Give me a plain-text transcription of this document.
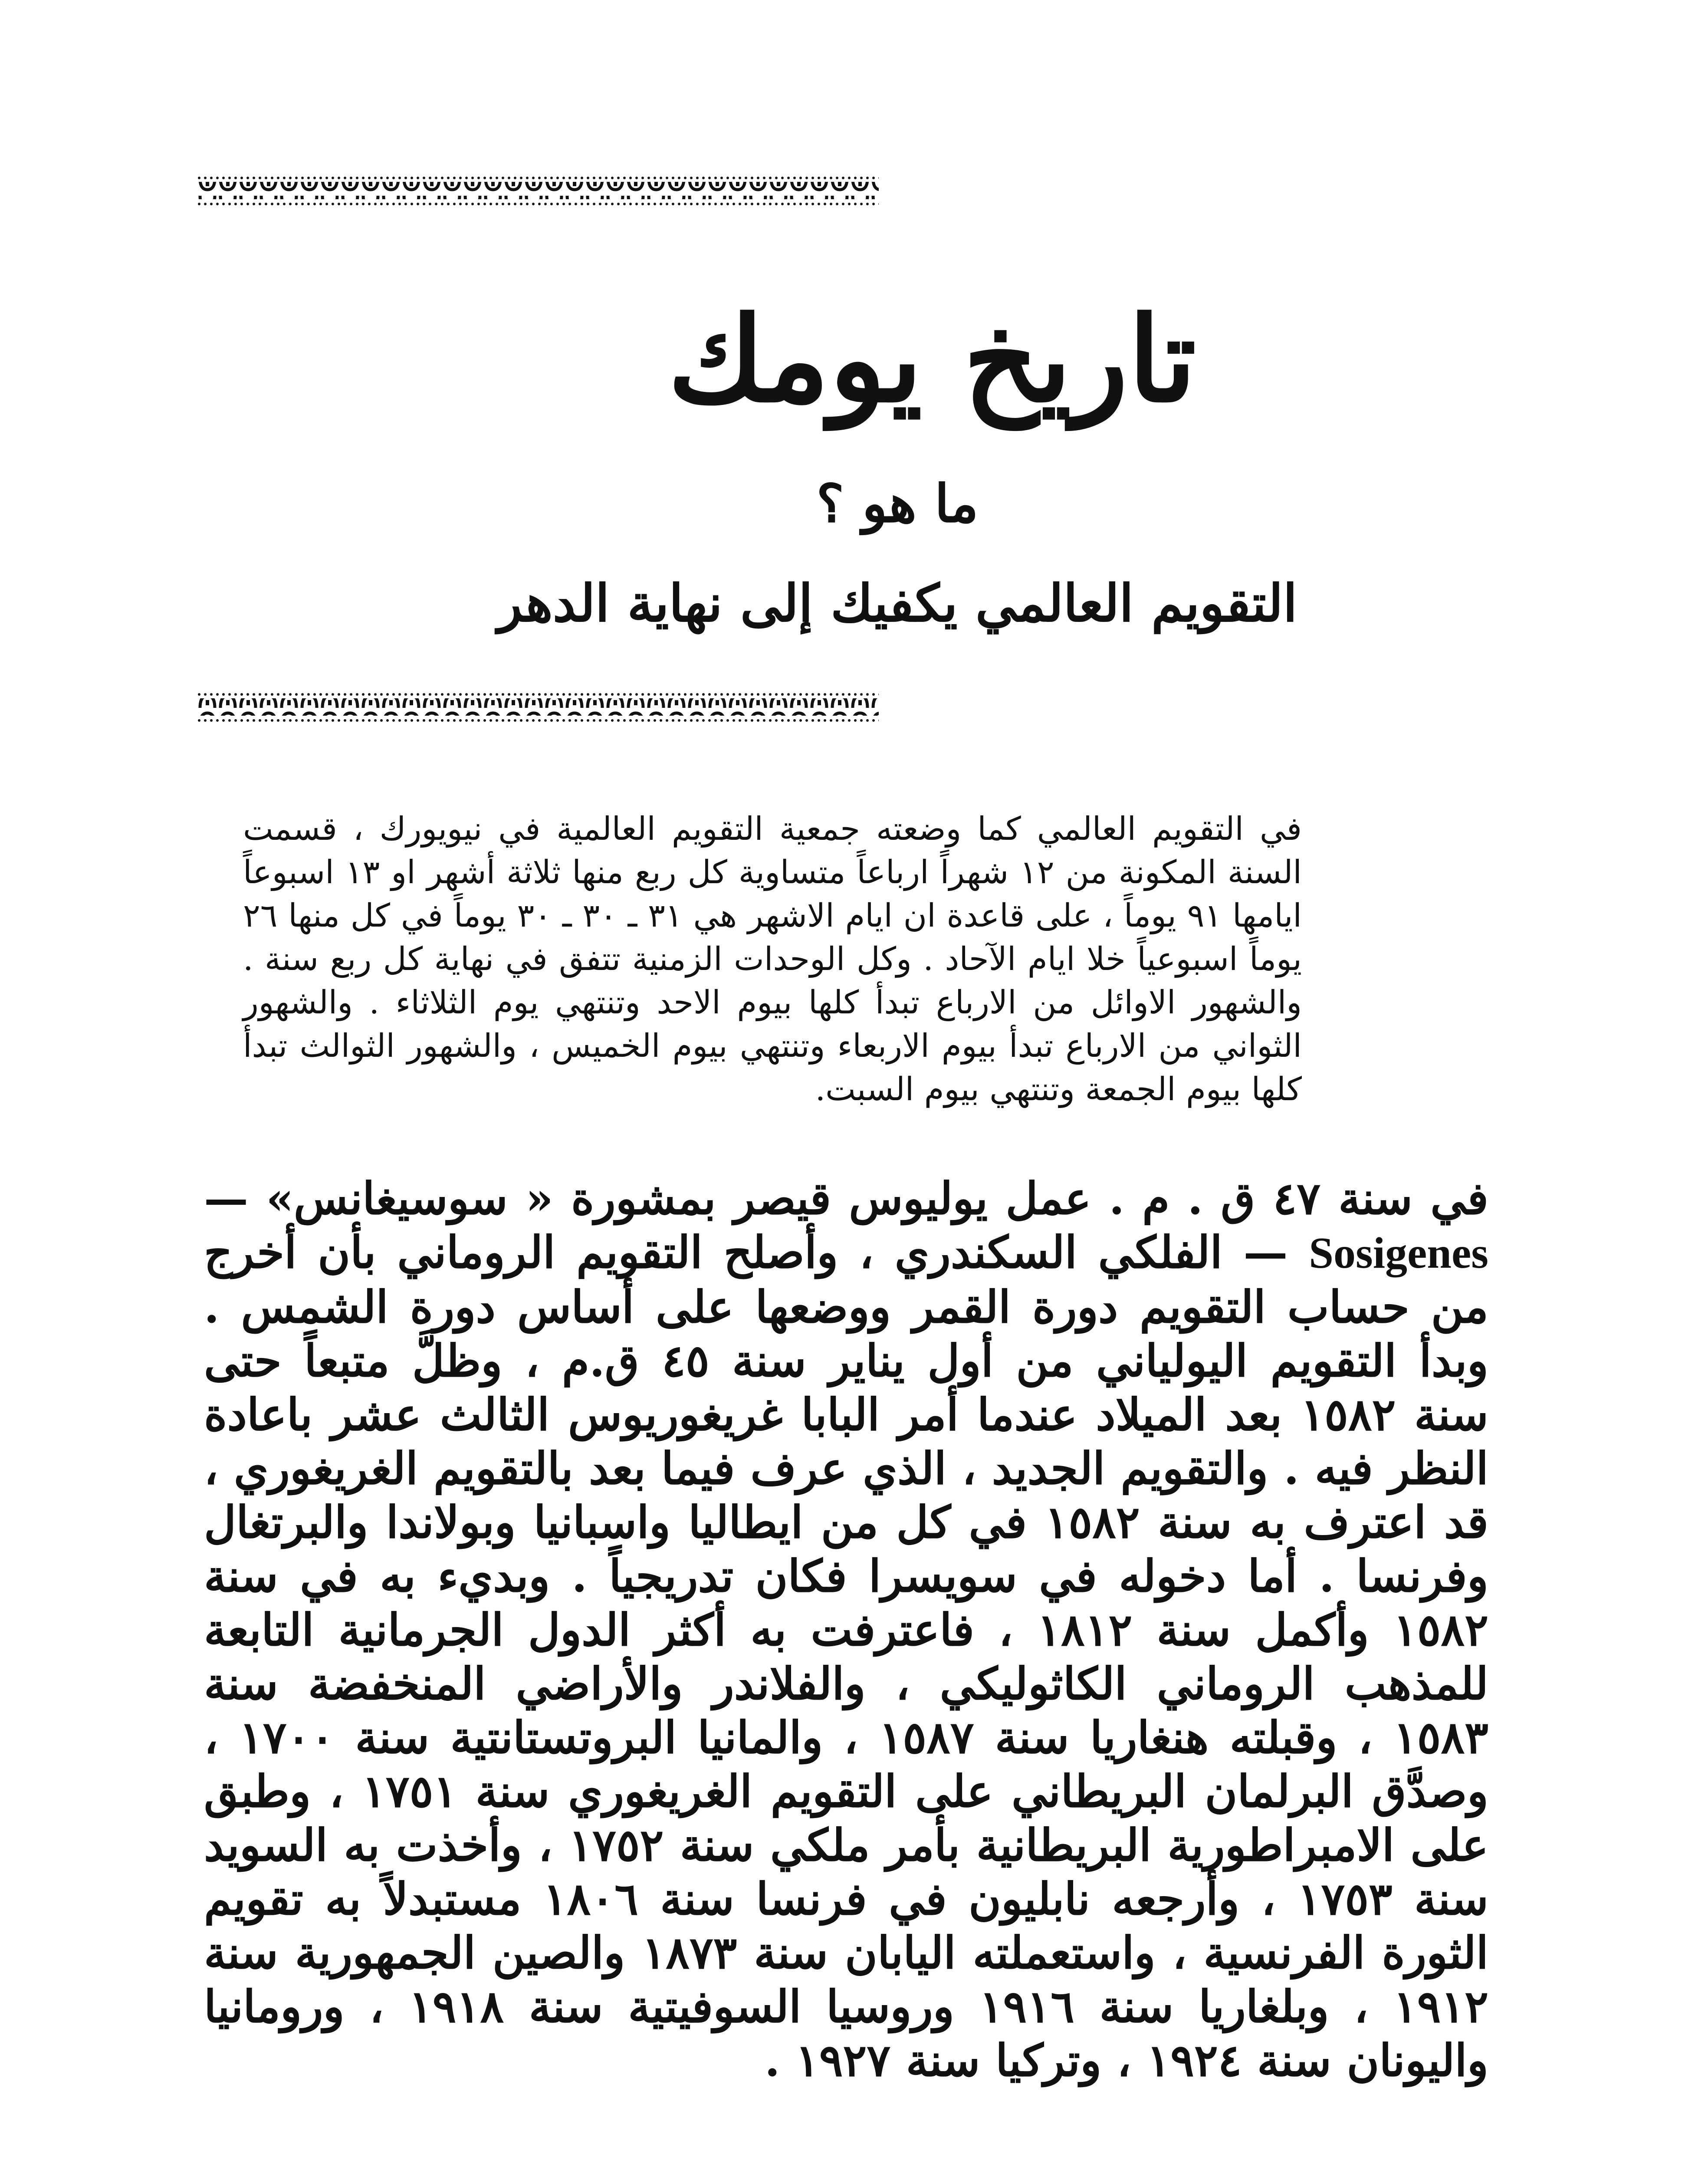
تاريخ يومك
ما هو ؟
التقويم العالمي يكفيك إلى نهاية الدهر

في التقويم العالمي كما وضعته جمعية التقويم العالمية في نيويورك ، قسمت السنة المكونة من ١٢ شهراً ارباعاً متساوية كل ربع منها ثلاثة أشهر او ١٣ اسبوعاً ايامها ٩١ يوماً ، على قاعدة ان ايام الاشهر هي ٣١ ـ ٣٠ ـ ٣٠ يوماً في كل منها ٢٦ يوماً اسبوعياً خلا ايام الآحاد . وكل الوحدات الزمنية تتفق في نهاية كل ربع سنة . والشهور الاوائل من الارباع تبدأ كلها بيوم الاحد وتنتهي يوم الثلاثاء . والشهور الثواني من الارباع تبدأ بيوم الاربعاء وتنتهي بيوم الخميس ، والشهور الثوالث تبدأ كلها بيوم الجمعة وتنتهي بيوم السبت.

في سنة ٤٧ ق . م . عمل يوليوس قيصر بمشورة « سوسيغانس» — Sosigenes — الفلكي السكندري ، وأصلح التقويم الروماني بأن أخرج من حساب التقويم دورة القمر ووضعها على أساس دورة الشمس . وبدأ التقويم اليولياني من أول يناير سنة ٤٥ ق.م ، وظلَّ متبعاً حتى سنة ١٥٨٢ بعد الميلاد عندما أمر البابا غريغوريوس الثالث عشر باعادة النظر فيه . والتقويم الجديد ، الذي عرف فيما بعد بالتقويم الغريغوري ، قد اعترف به سنة ١٥٨٢ في كل من ايطاليا واسبانيا وبولاندا والبرتغال وفرنسا . أما دخوله في سويسرا فكان تدريجياً . وبديء به في سنة ١٥٨٢ وأكمل سنة ١٨١٢ ، فاعترفت به أكثر الدول الجرمانية التابعة للمذهب الروماني الكاثوليكي ، والفلاندر والأراضي المنخفضة سنة ١٥٨٣ ، وقبلته هنغاريا سنة ١٥٨٧ ، والمانيا البروتستانتية سنة ١٧٠٠ ، وصدَّق البرلمان البريطاني على التقويم الغريغوري سنة ١٧٥١ ، وطبق على الامبراطورية البريطانية بأمر ملكي سنة ١٧٥٢ ، وأخذت به السويد سنة ١٧٥٣ ، وأرجعه نابليون في فرنسا سنة ١٨٠٦ مستبدلاً به تقويم الثورة الفرنسية ، واستعملته اليابان سنة ١٨٧٣ والصين الجمهورية سنة ١٩١٢ ، وبلغاريا سنة ١٩١٦ وروسيا السوفيتية سنة ١٩١٨ ، ورومانيا واليونان سنة ١٩٢٤ ، وتركيا سنة ١٩٢٧ .
